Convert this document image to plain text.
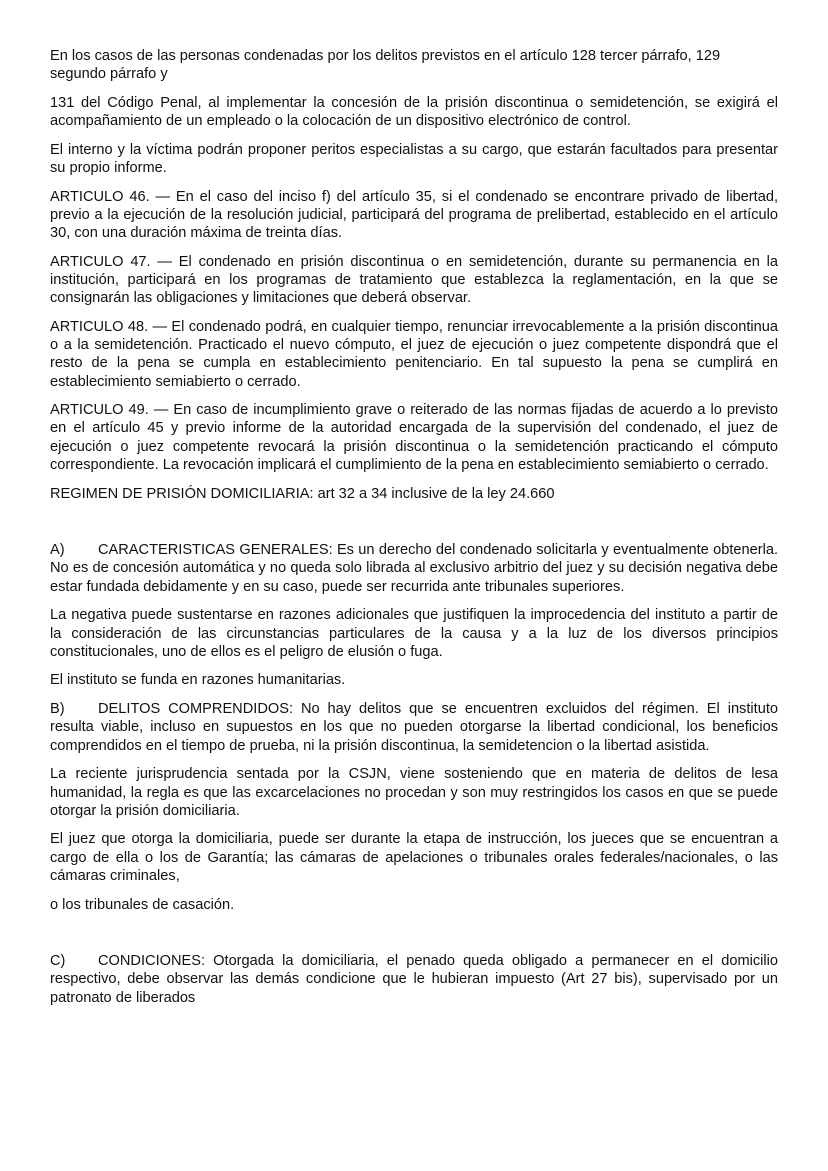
En los casos de las personas condenadas por los delitos previstos en el artículo 128 tercer párrafo, 129 segundo párrafo y

131 del Código Penal, al implementar la concesión de la prisión discontinua o semidetención, se exigirá el acompañamiento de un empleado o la colocación de un dispositivo electrónico de control.

El interno y la víctima podrán proponer peritos especialistas a su cargo, que estarán facultados para presentar su propio informe.

ARTICULO 46. — En el caso del inciso f) del artículo 35, si el condenado se encontrare privado de libertad, previo a la ejecución de la resolución judicial, participará del programa de prelibertad, establecido en el artículo 30, con una duración máxima de treinta días.

ARTICULO 47. — El condenado en prisión discontinua o en semidetención, durante su permanencia en la institución, participará en los programas de tratamiento que establezca la reglamentación, en la que se consignarán las obligaciones y limitaciones que deberá observar.

ARTICULO 48. — El condenado podrá, en cualquier tiempo, renunciar irrevocablemente a la prisión discontinua o a la semidetención. Practicado el nuevo cómputo, el juez de ejecución o juez competente dispondrá que el resto de la pena se cumpla en establecimiento penitenciario. En tal supuesto la pena se cumplirá en establecimiento semiabierto o cerrado.

ARTICULO 49. — En caso de incumplimiento grave o reiterado de las normas fijadas de acuerdo a lo previsto en el artículo 45 y previo informe de la autoridad encargada de la supervisión del condenado, el juez de ejecución o juez competente revocará la prisión discontinua o la semidetención practicando el cómputo correspondiente. La revocación implicará el cumplimiento de la pena en establecimiento semiabierto o cerrado.

REGIMEN DE PRISIÓN DOMICILIARIA: art 32 a 34 inclusive de la ley 24.660

A) CARACTERISTICAS GENERALES: Es un derecho del condenado solicitarla y eventualmente obtenerla. No es de concesión automática y no queda solo librada al exclusivo arbitrio del juez y su decisión negativa debe estar fundada debidamente y en su caso, puede ser recurrida ante tribunales superiores.

La negativa puede sustentarse en razones adicionales que justifiquen la improcedencia del instituto a partir de la consideración de las circunstancias particulares de la causa y a la luz de los diversos principios constitucionales, uno de ellos es el peligro de elusión o fuga.

El instituto se funda en razones humanitarias.

B) DELITOS COMPRENDIDOS: No hay delitos que se encuentren excluidos del régimen. El instituto resulta viable, incluso en supuestos en los que no pueden otorgarse la libertad condicional, los beneficios comprendidos en el tiempo de prueba, ni la prisión discontinua, la semidetencion o la libertad asistida.

La reciente jurisprudencia sentada por la CSJN, viene sosteniendo que en materia de delitos de lesa humanidad, la regla es que las excarcelaciones no procedan y son muy restringidos los casos en que se puede otorgar la prisión domiciliaria.

El juez que otorga la domiciliaria, puede ser durante la etapa de instrucción, los jueces que se encuentran a cargo de ella o los de Garantía; las cámaras de apelaciones o tribunales orales federales/nacionales, o las cámaras criminales,

o los tribunales de casación.

C) CONDICIONES: Otorgada la domiciliaria, el penado queda obligado a permanecer en el domicilio respectivo, debe observar las demás condicione que le hubieran impuesto (Art 27 bis), supervisado por un patronato de liberados
